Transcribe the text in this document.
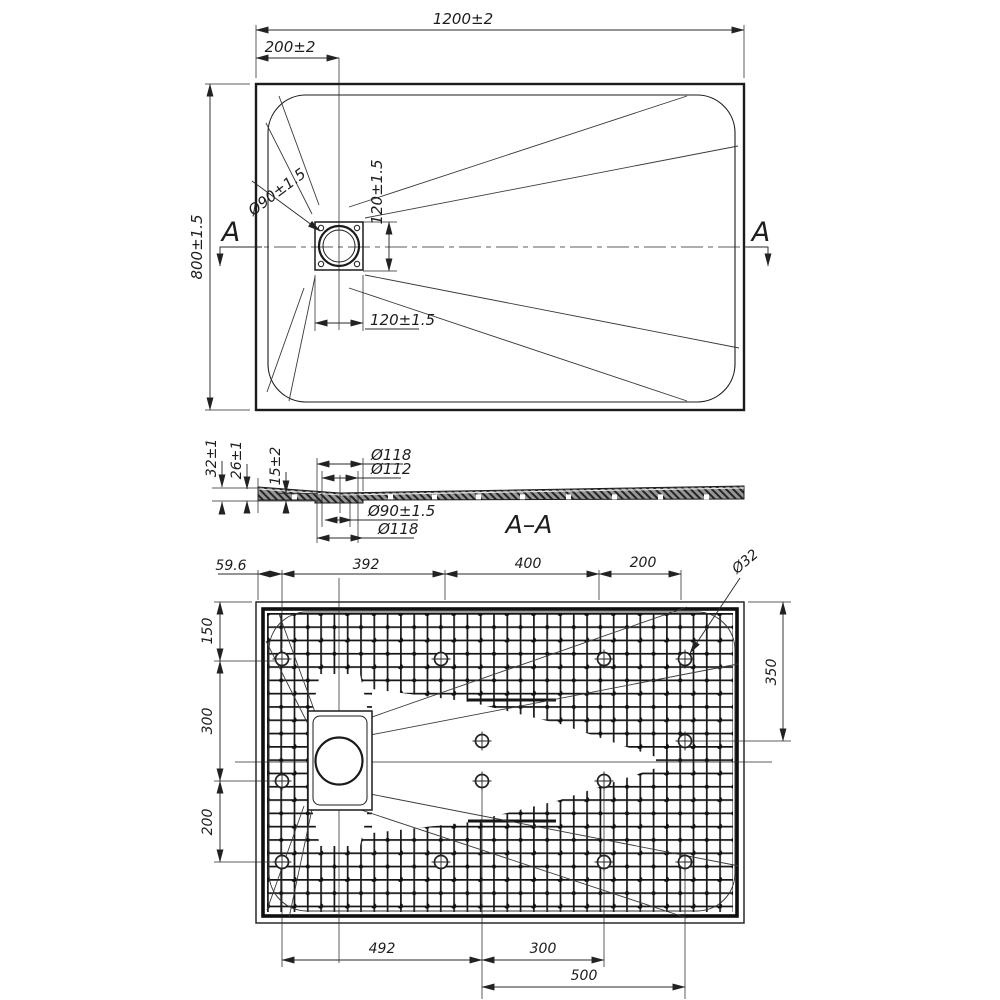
1200±2
200±2
800±1.5
Ø90±1.5	120±1.5
120±1.5
A	A
32±1 26±1 15±2	Ø118
Ø112
Ø90±1.5
Ø118	A–A
59.6	392	400	200	Ø32
350
150
300
200
492	300
500
